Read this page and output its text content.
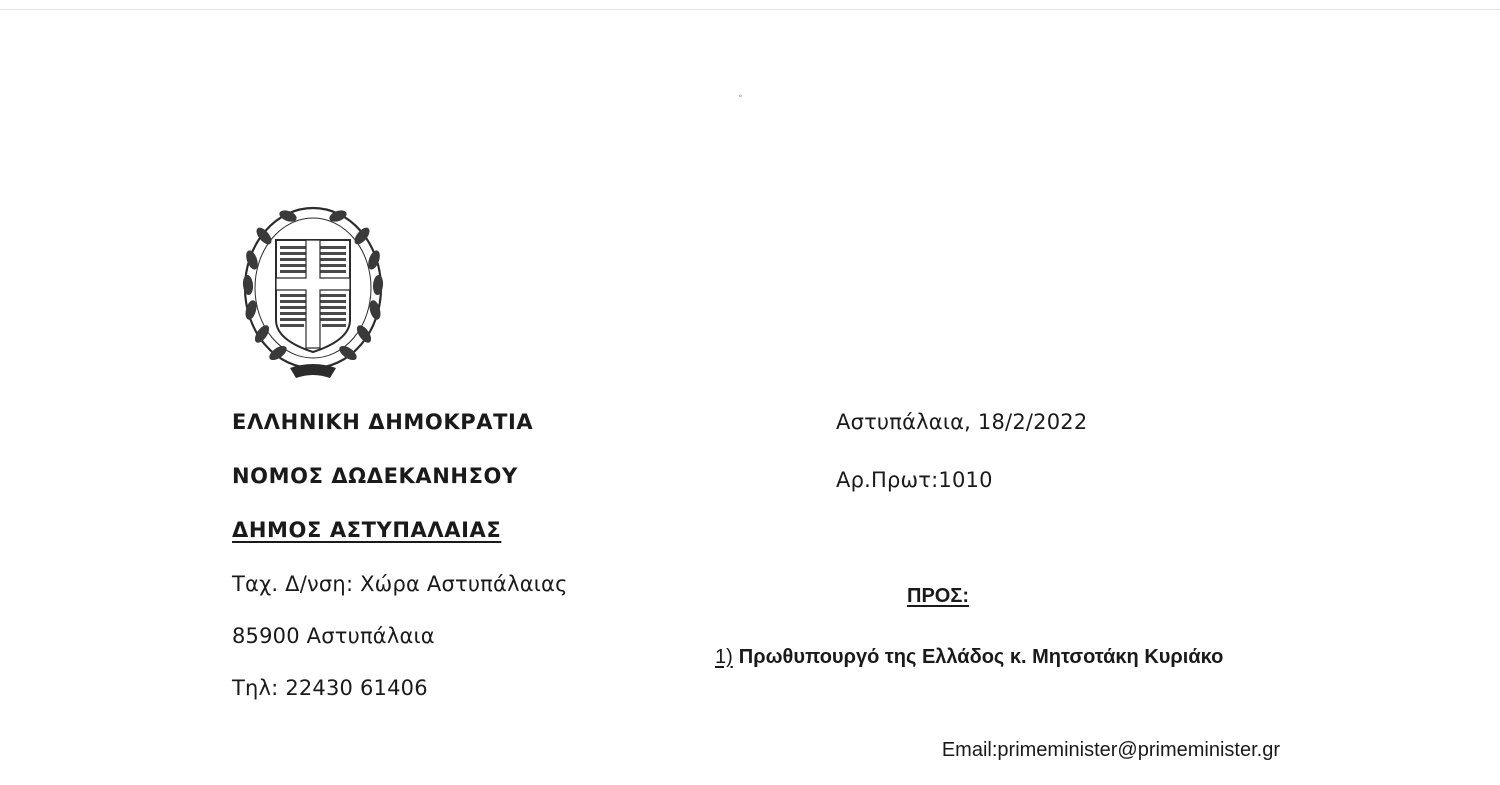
°
ΕΛΛΗΝΙΚΗ ΔΗΜΟΚΡΑΤΙΑ
ΝΟΜΟΣ ΔΩΔΕΚΑΝΗΣΟΥ
ΔΗΜΟΣ ΑΣΤΥΠΑΛΑΙΑΣ
Ταχ. Δ/νση: Χώρα Αστυπάλαιας
85900 Αστυπάλαια
Τηλ: 22430 61406
Αστυπάλαια, 18/2/2022
Αρ.Πρωτ:1010
ΠΡΟΣ:
1) Πρωθυπουργό της Ελλάδος κ. Μητσοτάκη Κυριάκο
Email:primeminister@primeminister.gr
